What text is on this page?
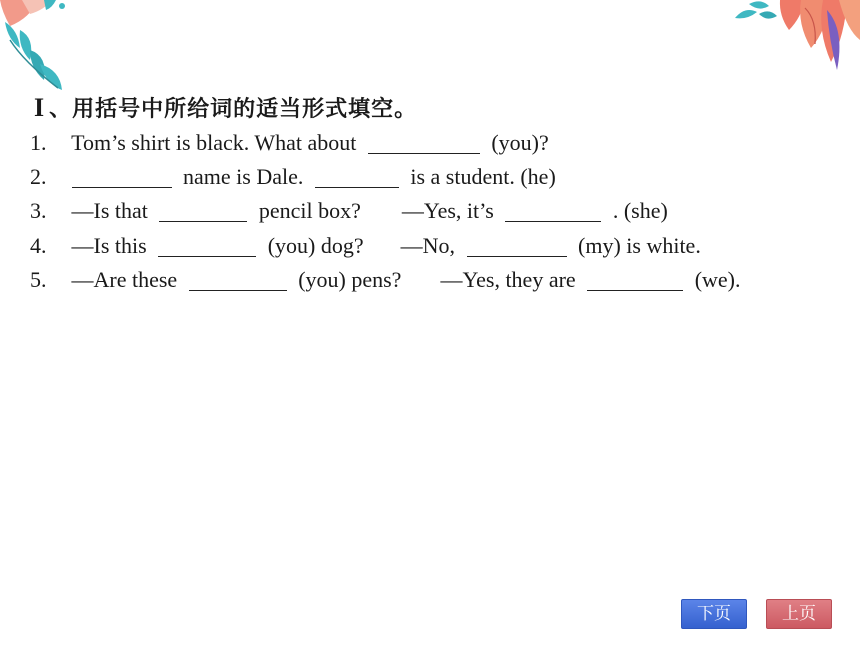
I 、用括号中所给词的适当形式填空。
1. Tom’s shirt is black. What about	(you)?
2.	name is Dale.	is a student. (he)
3. —Is that	pencil box? —Yes, it’s	. (she)
4. —Is this	(you) dog? —No,	(my) is white.
5. —Are these	(you) pens? —Yes, they are	(we).
下页	上页
